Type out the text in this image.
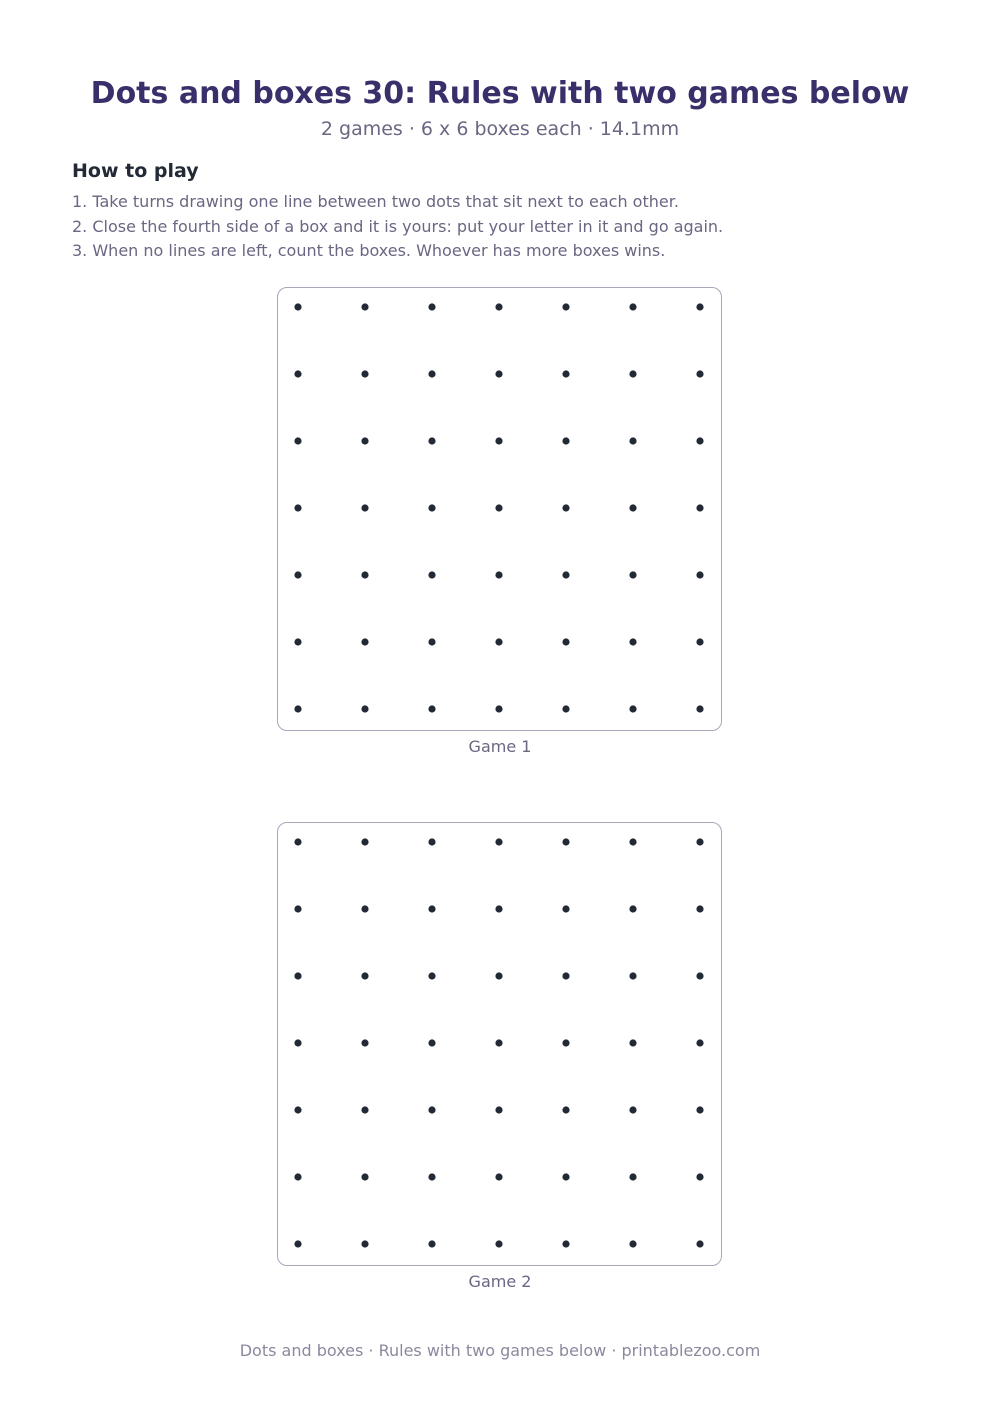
Dots and boxes 30: Rules with two games below
2 games · 6 x 6 boxes each · 14.1mm
How to play
1. Take turns drawing one line between two dots that sit next to each other.
2. Close the fourth side of a box and it is yours: put your letter in it and go again.
3. When no lines are left, count the boxes. Whoever has more boxes wins.
Game 1
Game 2
Dots and boxes · Rules with two games below · printablezoo.com
